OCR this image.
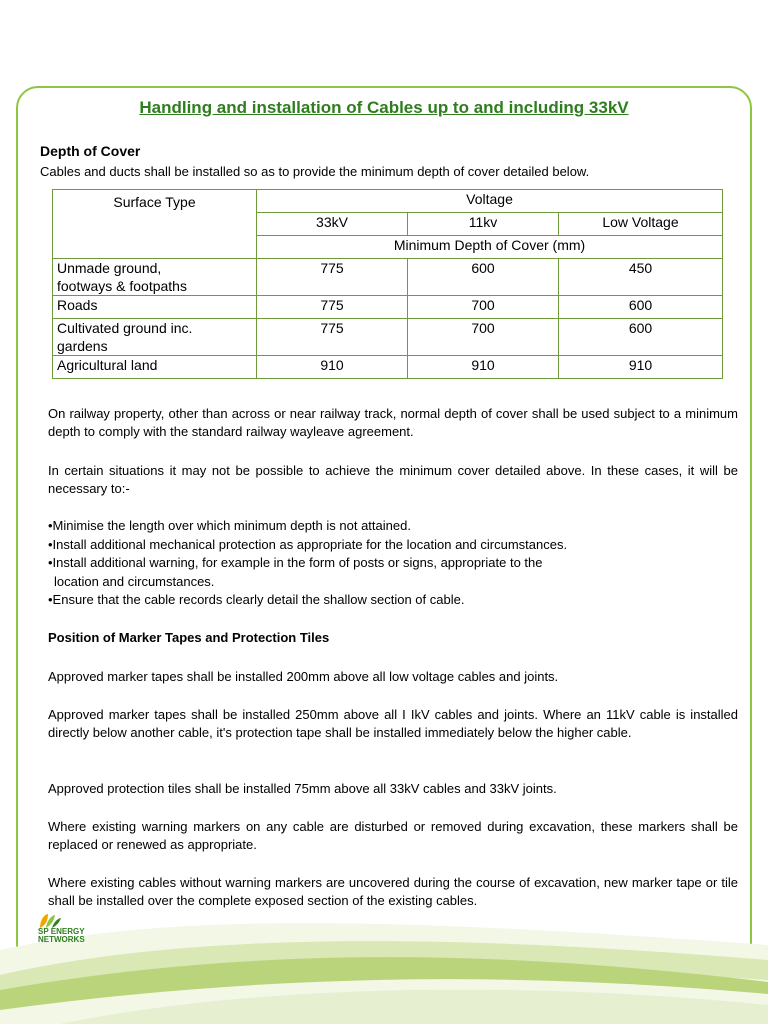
Handling and installation of Cables up to and including 33kV
Depth of Cover
Cables and ducts shall be installed so as to provide the minimum depth of cover detailed below.
Surface Type	Voltage		
	33kV	11kv	Low Voltage
	Minimum Depth of Cover (mm)		
Unmade ground,
footways & footpaths	775	600	450
Roads	775	700	600
Cultivated ground inc.
gardens	775	700	600
Agricultural land	910	910	910
On railway property, other than across or near railway track, normal depth of cover shall be used subject to a minimum depth to comply with the standard railway wayleave agreement.
In certain situations it may not be possible to achieve the minimum cover detailed above. In these cases, it will be necessary to:-
•Minimise the length over which minimum depth is not attained.
•Install additional mechanical protection as appropriate for the location and circumstances.
•Install additional warning, for example in the form of posts or signs, appropriate to the
location and circumstances.
•Ensure that the cable records clearly detail the shallow section of cable.
Position of Marker Tapes and Protection Tiles
Approved marker tapes shall be installed 200mm above all low voltage cables and joints.
Approved marker tapes shall be installed 250mm above all I IkV cables and joints. Where an 11kV cable is installed directly below another cable, it's protection tape shall be installed immediately below the higher cable.
Approved protection tiles shall be installed 75mm above all 33kV cables and 33kV joints.
Where existing warning markers on any cable are disturbed or removed during excavation, these markers shall be replaced or renewed as appropriate.
Where existing cables without warning markers are uncovered during the course of excavation, new marker tape or tile shall be installed over the complete exposed section of the existing cables.
SP ENERGY
NETWORKS
